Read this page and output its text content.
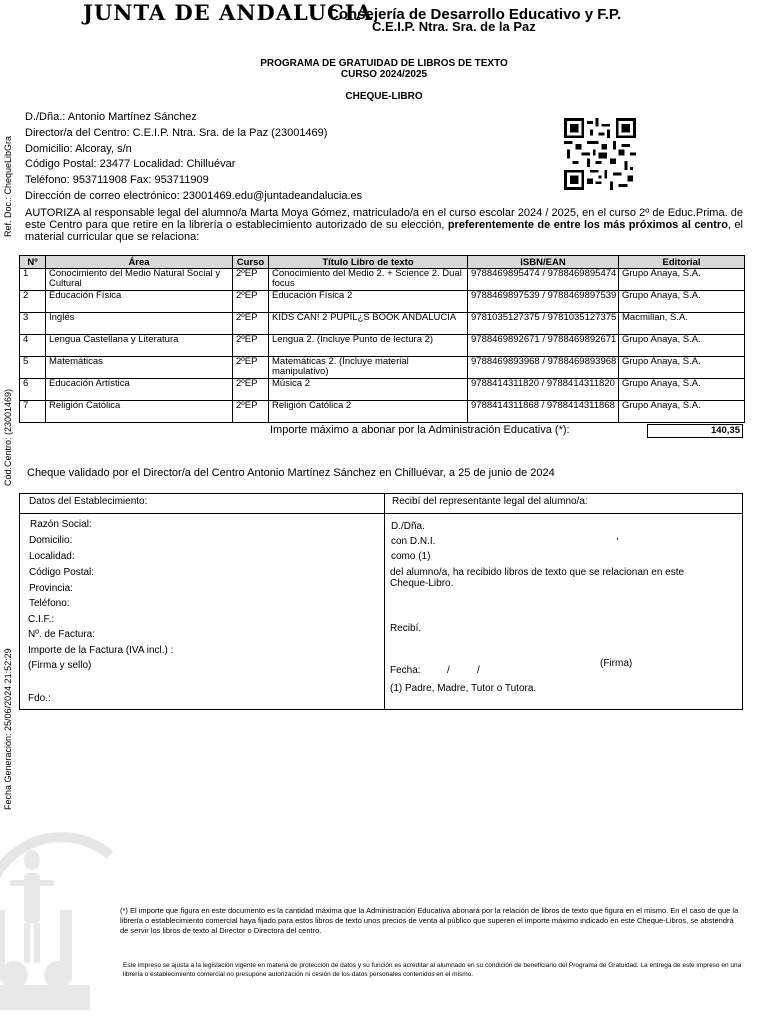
JUNTA DE ANDALUCIA
Consejería de Desarrollo Educativo y F.P.
C.E.I.P. Ntra. Sra. de la Paz
PROGRAMA DE GRATUIDAD DE LIBROS DE TEXTO
CURSO 2024/2025
CHEQUE-LIBRO
Ref. Doc.: ChequeLibGra
Cód.Centro: (23001469)
Fecha Generación: 25/06/2024 21:52:29
D./Dña.: Antonio Martínez Sánchez
Director/a del Centro: C.E.I.P. Ntra. Sra. de la Paz (23001469)
Domicilio: Alcoray, s/n
Código Postal: 23477 Localidad: Chilluévar
Teléfono: 953711908 Fax: 953711909
Dirección de correo electrónico: 23001469.edu@juntadeandalucia.es
AUTORIZA al responsable legal del alumno/a Marta Moya Gómez, matriculado/a en el curso escolar 2024 / 2025, en el curso 2º de Educ.Prima. de este Centro para que retire en la librería o establecimiento autorizado de su elección, preferentemente de entre los más próximos al centro, el material curricular que se relaciona:
Nº	Área	Curso	Título Libro de texto	ISBN/EAN	Editorial
1	Conocimiento del Medio Natural Social y Cultural	2ºEP	Conocimiento del Medio 2. + Science 2. Dual focus	9788469895474 / 9788469895474	Grupo Anaya, S.A.
2	Educación Física	2ºEP	Educación Física 2	9788469897539 / 9788469897539	Grupo Anaya, S.A.
3	Inglés	2ºEP	KIDS CAN! 2 PUPIL¿S BOOK ANDALUCIA	9781035127375 / 9781035127375	Macmillan, S.A.
4	Lengua Castellana y Literatura	2ºEP	Lengua 2. (Incluye Punto de lectura 2)	9788469892671 / 9788469892671	Grupo Anaya, S.A.
5	Matemáticas	2ºEP	Matemáticas 2. (Incluye material manipulativo)	9788469893968 / 9788469893968	Grupo Anaya, S.A.
6	Educación Artística	2ºEP	Música 2	9788414311820 / 9788414311820	Grupo Anaya, S.A.
7	Religión Católica	2ºEP	Religión Católica 2	9788414311868 / 9788414311868	Grupo Anaya, S.A.
Importe máximo a abonar por la Administración Educativa (*):	140,35
Cheque validado por el Director/a del Centro Antonio Martínez Sánchez en Chilluévar, a 25 de junio de 2024
Datos del Establecimiento:
Razón Social:
Domicilio:
Localidad:
Código Postal:
Provincia:
Teléfono:
C.I.F.:
Nº. de Factura:
Importe de la Factura (IVA incl.) :
(Firma y sello)
Fdo.:
Recibí del representante legal del alumno/a:
D./Dña.
con D.N.I.	,
como (1)
del alumno/a, ha recibido libros de texto que se relacionan en este Cheque-Libro.
Recibí.
Fecha:	/	/
(Firma)
(1) Padre, Madre, Tutor o Tutora.
(*) El importe que figura en este documento es la cantidad máxima que la Administración Educativa abonará por la relación de libros de texto que figura en el mismo. En el caso de que la librería o establecimiento comercial haya fijado para estos libros de texto unos precios de venta al público que superen el importe máximo indicado en este Cheque-Libros, se abstendrá de servir los libros de texto al Director o Directora del centro.
Este impreso se ajusta a la legislación vigente en materia de protección de datos y su función es acreditar al alumnado en su condición de beneficiario del Programa de Gratuidad. La entrega de este impreso en una librería o establecimiento comercial no presupone autorización ni cesión de los datos personales contenidos en el mismo.
